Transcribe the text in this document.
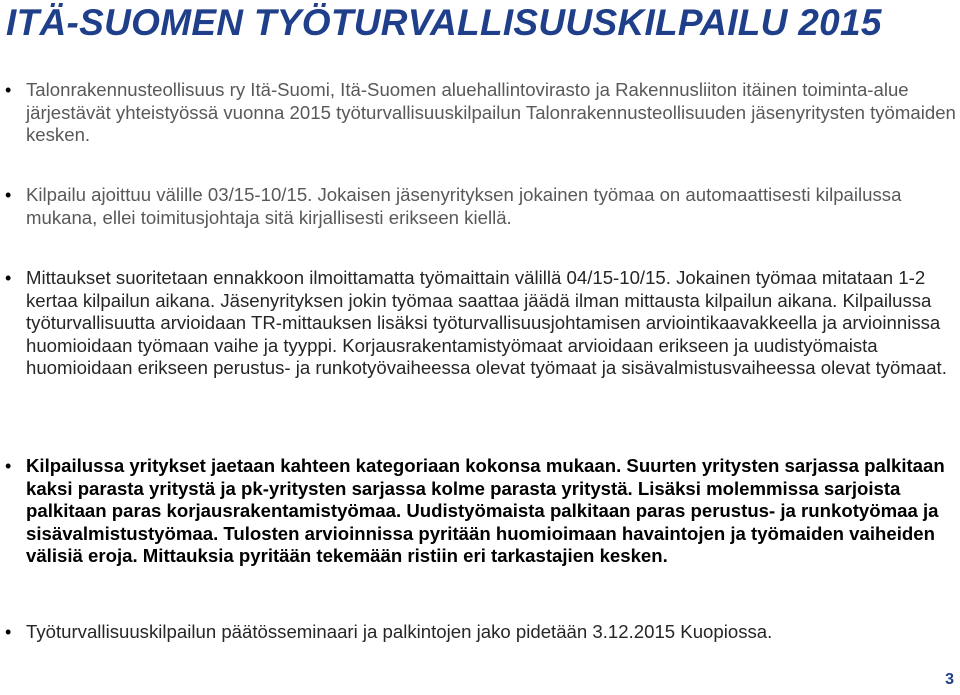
ITÄ-SUOMEN TYÖTURVALLISUUSKILPAILU 2015
• Talonrakennusteollisuus ry Itä-Suomi, Itä-Suomen aluehallintovirasto ja Rakennusliiton itäinen toiminta-alue järjestävät yhteistyössä vuonna 2015 työturvallisuuskilpailun Talonrakennusteollisuuden jäsenyritysten työmaiden kesken.
• Kilpailu ajoittuu välille 03/15-10/15. Jokaisen jäsenyrityksen jokainen työmaa on automaattisesti kilpailussa mukana, ellei toimitusjohtaja sitä kirjallisesti erikseen kiellä.
• Mittaukset suoritetaan ennakkoon ilmoittamatta työmaittain välillä 04/15-10/15. Jokainen työmaa mitataan 1-2 kertaa kilpailun aikana. Jäsenyrityksen jokin työmaa saattaa jäädä ilman mittausta kilpailun aikana. Kilpailussa työturvallisuutta arvioidaan TR-mittauksen lisäksi työturvallisuusjohtamisen arviointikaavakkeella ja arvioinnissa huomioidaan työmaan vaihe ja tyyppi. Korjausrakentamistyömaat arvioidaan erikseen ja uudistyömaista huomioidaan erikseen perustus- ja runkotyövaiheessa olevat työmaat ja sisävalmistusvaiheessa olevat työmaat.
• Kilpailussa yritykset jaetaan kahteen kategoriaan kokonsa mukaan. Suurten yritysten sarjassa palkitaan kaksi parasta yritystä ja pk-yritysten sarjassa kolme parasta yritystä. Lisäksi molemmissa sarjoista palkitaan paras korjausrakentamistyömaa. Uudistyömaista palkitaan paras perustus- ja runkotyömaa ja sisävalmistustyömaa. Tulosten arvioinnissa pyritään huomioimaan havaintojen ja työmaiden vaiheiden välisiä eroja. Mittauksia pyritään tekemään ristiin eri tarkastajien kesken.
• Työturvallisuuskilpailun päätösseminaari ja palkintojen jako pidetään 3.12.2015 Kuopiossa.
3
